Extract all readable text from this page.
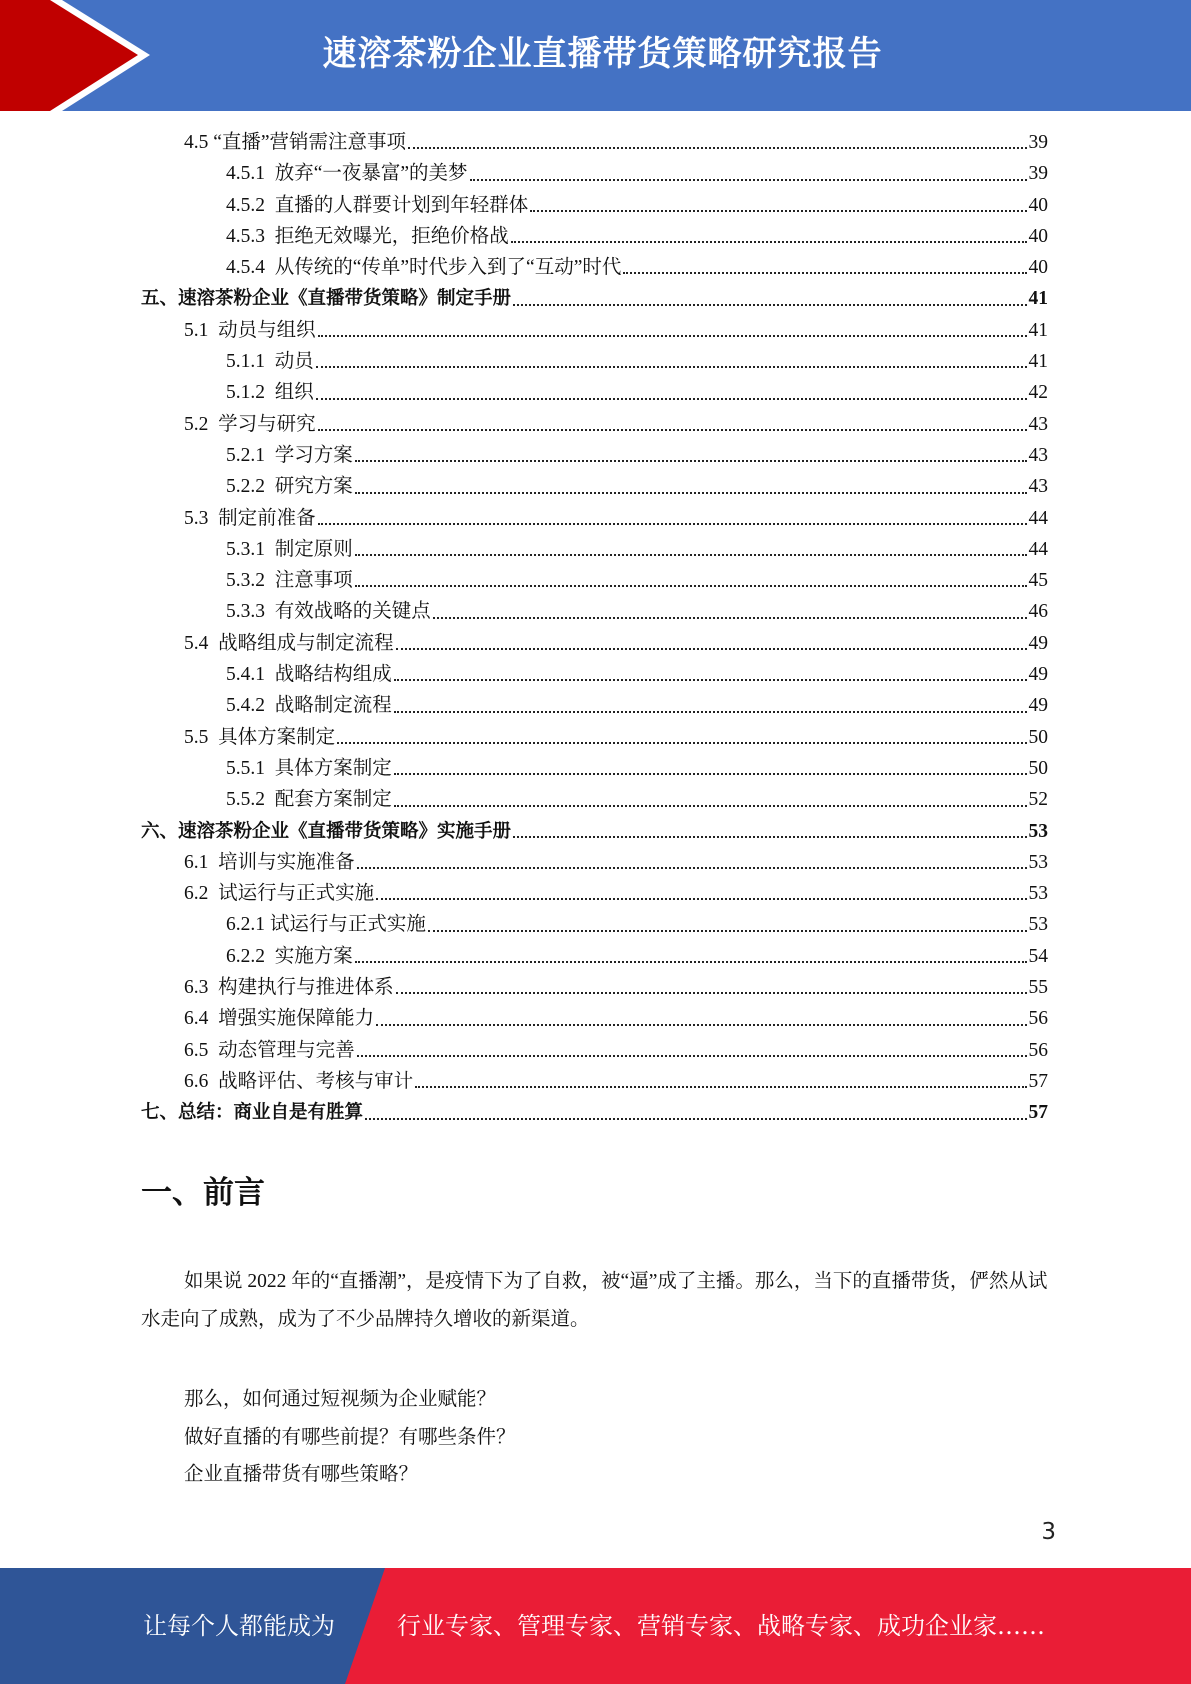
速溶茶粉企业直播带货策略研究报告
4.5 “直播”营销需注意事项	39
4.5.1  放弃“一夜暴富”的美梦	39
4.5.2  直播的人群要计划到年轻群体	40
4.5.3  拒绝无效曝光，拒绝价格战	40
4.5.4  从传统的“传单”时代步入到了“互动”时代	40
五、速溶茶粉企业《直播带货策略》制定手册	41
5.1  动员与组织	41
5.1.1  动员	41
5.1.2  组织	42
5.2  学习与研究	43
5.2.1  学习方案	43
5.2.2  研究方案	43
5.3  制定前准备	44
5.3.1  制定原则	44
5.3.2  注意事项	45
5.3.3  有效战略的关键点	46
5.4  战略组成与制定流程	49
5.4.1  战略结构组成	49
5.4.2  战略制定流程	49
5.5  具体方案制定	50
5.5.1  具体方案制定	50
5.5.2  配套方案制定	52
六、速溶茶粉企业《直播带货策略》实施手册	53
6.1  培训与实施准备	53
6.2  试运行与正式实施	53
6.2.1 试运行与正式实施	53
6.2.2  实施方案	54
6.3  构建执行与推进体系	55
6.4  增强实施保障能力	56
6.5  动态管理与完善	56
6.6  战略评估、考核与审计	57
七、总结：商业自是有胜算	57
一、前言

如果说 2022 年的“直播潮”，是疫情下为了自救，被“逼”成了主播。那么，当下的直播带货，俨然从试水走向了成熟，成为了不少品牌持久增收的新渠道。

那么，如何通过短视频为企业赋能？

做好直播的有哪些前提？有哪些条件？

企业直播带货有哪些策略？

3
让每个人都能成为	行业专家、管理专家、营销专家、战略专家、成功企业家……
